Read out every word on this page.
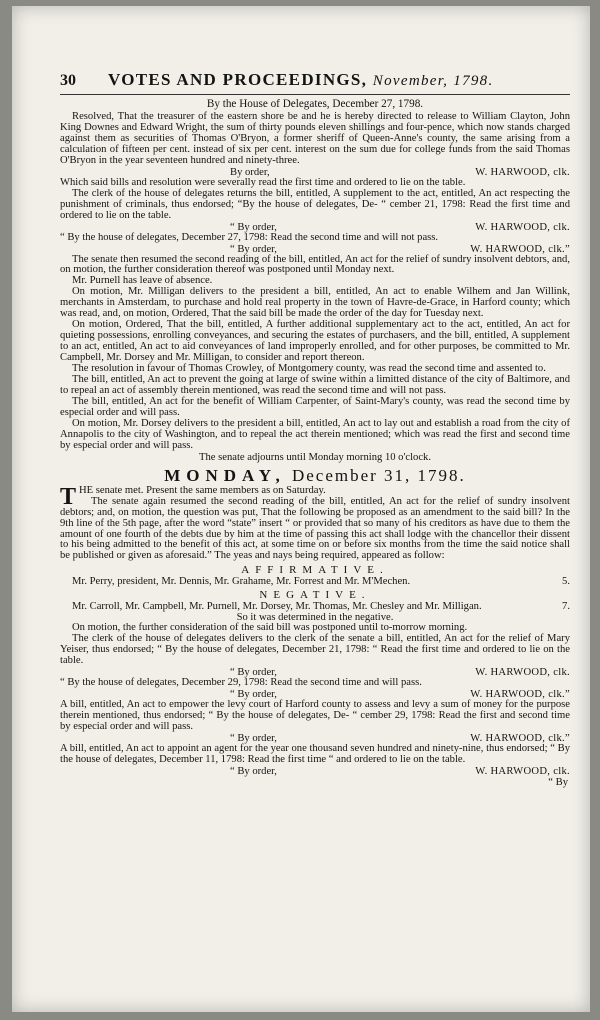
30 VOTES AND PROCEEDINGS, November, 1798.
By the House of Delegates, December 27, 1798.

Resolved, That the treasurer of the eastern shore be and he is hereby directed to release to William Clayton, John King Downes and Edward Wright, the sum of thirty pounds eleven shillings and four-pence, which now stands charged against them as securities of Thomas O'Bryon, a former sheriff of Queen-Anne's county, the same arising from a calculation of fifteen per cent. instead of six per cent. interest on the sum due for college funds from the said Thomas O'Bryon in the year seventeen hundred and ninety-three.

By order,	W. HARWOOD, clk.

Which said bills and resolution were severally read the first time and ordered to lie on the table.

The clerk of the house of delegates returns the bill, entitled, A supplement to the act, entitled, An act respecting the punishment of criminals, thus endorsed; “By the house of delegates, De- “ cember 21, 1798: Read the first time and ordered to lie on the table.

“ By order,	W. HARWOOD, clk.

“ By the house of delegates, December 27, 1798: Read the second time and will not pass.

“ By order,	W. HARWOOD, clk.”

The senate then resumed the second reading of the bill, entitled, An act for the relief of sundry insolvent debtors, and, on motion, the further consideration thereof was postponed until Monday next.

Mr. Purnell has leave of absence.

On motion, Mr. Milligan delivers to the president a bill, entitled, An act to enable Wilhem and Jan Willink, merchants in Amsterdam, to purchase and hold real property in the town of Havre-de-Grace, in Harford county; which was read, and, on motion, Ordered, That the said bill be made the order of the day for Tuesday next.

On motion, Ordered, That the bill, entitled, A further additional supplementary act to the act, entitled, An act for quieting possessions, enrolling conveyances, and securing the estates of purchasers, and the bill, entitled, A supplement to an act, entitled, An act to aid conveyances of land improperly enrolled, and for other purposes, be committed to Mr. Campbell, Mr. Dorsey and Mr. Milligan, to consider and report thereon.

The resolution in favour of Thomas Crowley, of Montgomery county, was read the second time and assented to.

The bill, entitled, An act to prevent the going at large of swine within a limitted distance of the city of Baltimore, and to repeal an act of assembly therein mentioned, was read the second time and will not pass.

The bill, entitled, An act for the benefit of William Carpenter, of Saint-Mary's county, was read the second time by especial order and will pass.

On motion, Mr. Dorsey delivers to the president a bill, entitled, An act to lay out and establish a road from the city of Annapolis to the city of Washington, and to repeal the act therein mentioned; which was read the first and second time by especial order and will pass.

The senate adjourns until Monday morning 10 o'clock.

MONDAY, December 31, 1798.

THE senate met. Present the same members as on Saturday.

The senate again resumed the second reading of the bill, entitled, An act for the relief of sundry insolvent debtors; and, on motion, the question was put, That the following be proposed as an amendment to the said bill? In the 9th line of the 5th page, after the word “state” insert “ or provided that so many of his creditors as have due to them the amount of one fourth of the debts due by him at the time of passing this act shall lodge with the chancellor their dissent to his being admitted to the benefit of this act, at some time on or before six months from the time the said notice shall be published or given as aforesaid.” The yeas and nays being required, appeared as follow:

AFFIRMATIVE.
Mr. Perry, president, Mr. Dennis, Mr. Grahame, Mr. Forrest and Mr. M'Mechen.	5.
NEGATIVE.
Mr. Carroll, Mr. Campbell, Mr. Purnell, Mr. Dorsey, Mr. Thomas, Mr. Chesley and Mr. Milligan.	7.

So it was determined in the negative.

On motion, the further consideration of the said bill was postponed until to-morrow morning.

The clerk of the house of delegates delivers to the clerk of the senate a bill, entitled, An act for the relief of Mary Yeiser, thus endorsed; “ By the house of delegates, December 21, 1798: “ Read the first time and ordered to lie on the table.

“ By order,	W. HARWOOD, clk.

“ By the house of delegates, December 29, 1798: Read the second time and will pass.

“ By order,	W. HARWOOD, clk.”

A bill, entitled, An act to empower the levy court of Harford county to assess and levy a sum of money for the purpose therein mentioned, thus endorsed; “ By the house of delegates, De- “ cember 29, 1798: Read the first and second time by especial order and will pass.

“ By order,	W. HARWOOD, clk.”

A bill, entitled, An act to appoint an agent for the year one thousand seven hundred and ninety-nine, thus endorsed; “ By the house of delegates, December 11, 1798: Read the first time “ and ordered to lie on the table.

“ By order,	W. HARWOOD, clk.
“ By
